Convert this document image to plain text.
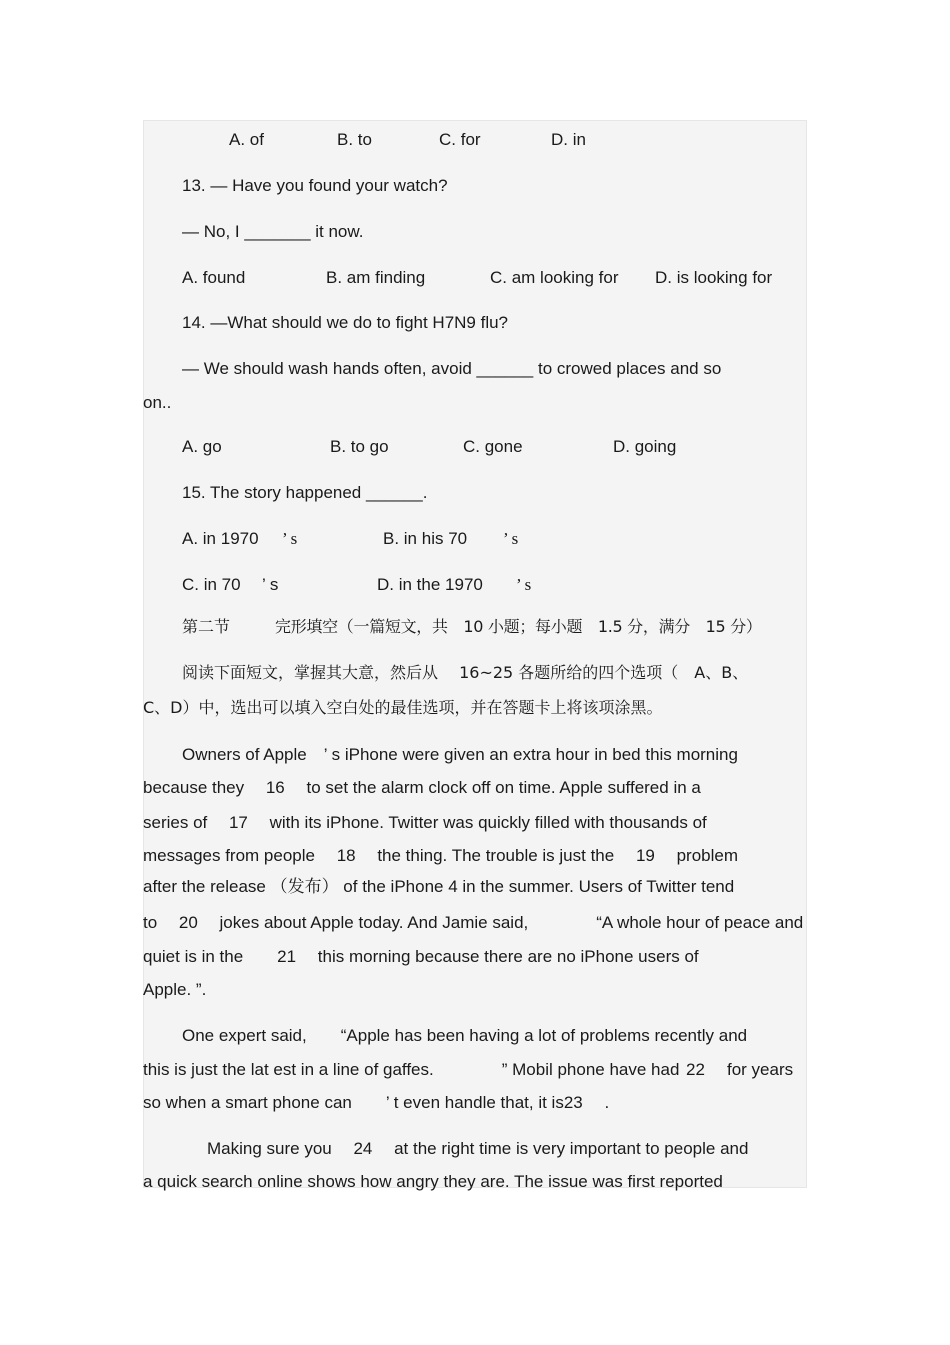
A. of	B. to	C. for	D. in
13. — Have you found your watch?
— No, I _______ it now.
A. found	B. am finding	C. am looking for D. is looking for
14. —What should we do to fight H7N9 flu?
— We should wash hands often, avoid ______ to crowed places and so
on..
A. go	B. to go	C. gone	D. going
15. The story happened ______.
A. in 1970 ’ s	B. in his 70 ’ s
C. in 70 ’ s	D. in the 1970 ’ s
第二节	完形填空（一篇短文，共　10 小题；每小题　1.5 分，满分　15 分）
阅读下面短文，掌握其大意，然后从　 16~25 各题所给的四个选项（　A、B、
C、D）中，选出可以填入空白处的最佳选项，并在答题卡上将该项涂黑。
Owners of Apple　’ s iPhone were given an extra hour in bed this morning
because they　 16　 to set the alarm clock off on time. Apple suffered in a
series of　 17　 with its iPhone. Twitter was quickly filled with thousands of
messages from people　 18　 the thing. The trouble is just the　 19　 problem
after the release （发布） of the iPhone 4 in the summer. Users of Twitter tend
to　 20　 jokes about Apple today. And Jamie said,　　　　“A whole hour of peace and
quiet is in the　　21　 this morning because there are no iPhone users of
Apple. ”.
One expert said,　　“Apple has been having a lot of problems recently and
this is just the lat est in a line of gaffes.　　　　” Mobil phone have had 22 for years
so when a smart phone can　　’ t even handle that, it is23　 .
Making sure you　 24　 at the right time is very important to people and
a quick search online shows how angry they are. The issue was first reported
